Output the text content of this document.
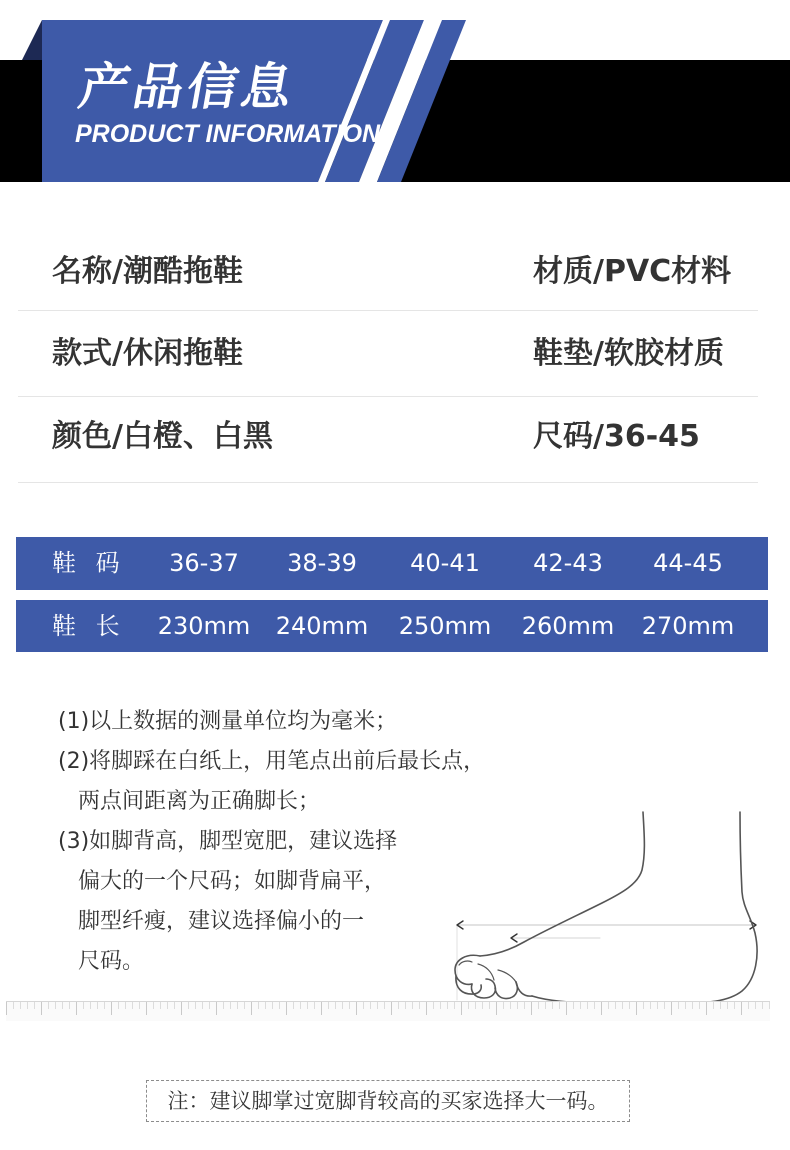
产品信息
PRODUCT INFORMATION
名称/潮酷拖鞋	材质/PVC材料
款式/休闲拖鞋	鞋垫/软胶材质
颜色/白橙、白黑	尺码/36-45
鞋 码	36-37	38-39	40-41	42-43	44-45
鞋 长	230mm	240mm	250mm	260mm	270mm
(1)以上数据的测量单位均为毫米；
(2)将脚踩在白纸上，用笔点出前后最长点，
两点间距离为正确脚长；
(3)如脚背高，脚型宽肥，建议选择
偏大的一个尺码；如脚背扁平，
脚型纤瘦，建议选择偏小的一
尺码。
注：建议脚掌过宽脚背较高的买家选择大一码。
